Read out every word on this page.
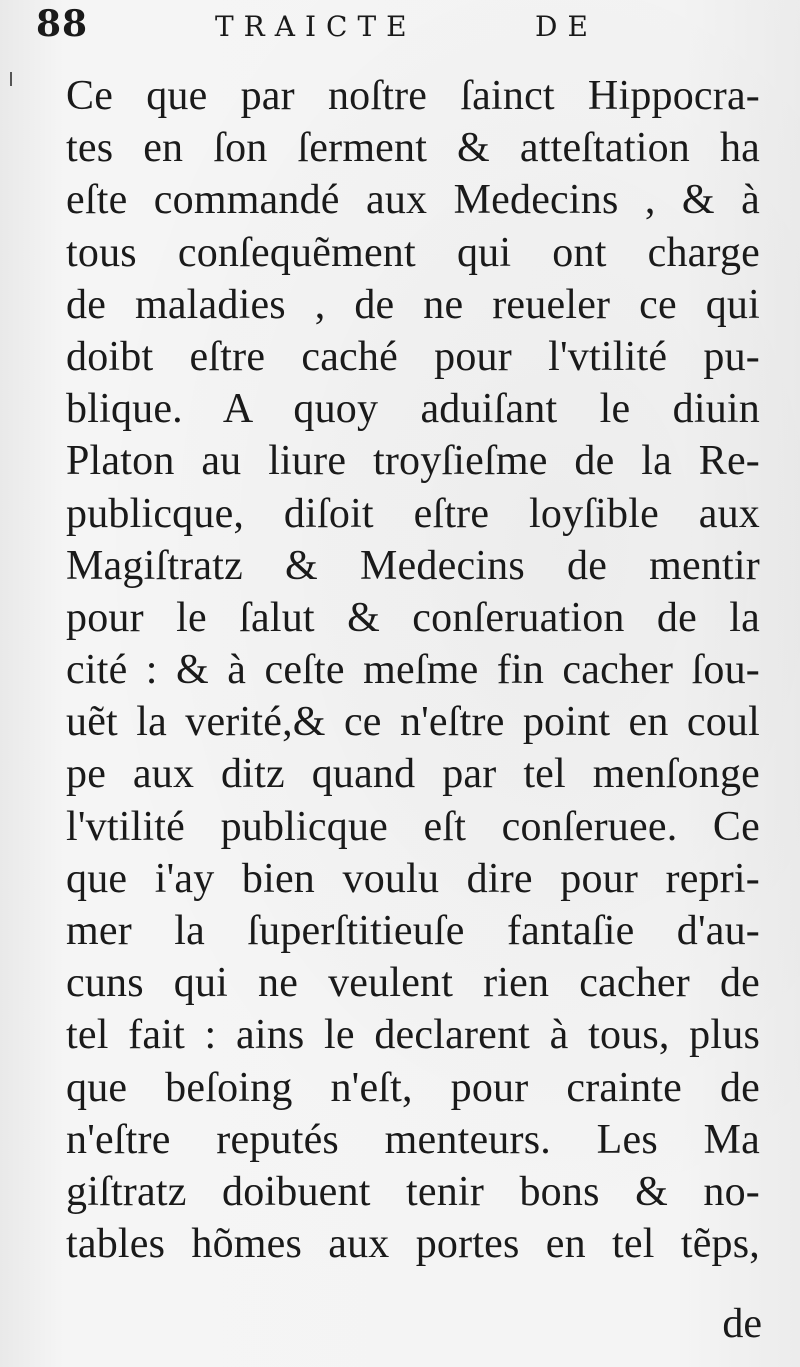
88	TRAICTE	DE
Ce que par noſtre ſainct Hippocra-
tes en ſon ſerment & atteſtation ha
eſte commandé aux Medecins , & à
tous conſequẽment qui ont charge
de maladies , de ne reueler ce qui
doibt eſtre caché pour l'vtilité pu-
blique. A quoy aduiſant le diuin
Platon au liure troyſieſme de la Re-
publicque, diſoit eſtre loyſible aux
Magiſtratz & Medecins de mentir
pour le ſalut & conſeruation de la
cité : & à ceſte meſme fin cacher ſou-
uẽt la verité,& ce n'eſtre point en coul
pe aux ditz quand par tel menſonge
l'vtilité publicque eſt conſeruee. Ce
que i'ay bien voulu dire pour repri-
mer la ſuperſtitieuſe fantaſie d'au-
cuns qui ne veulent rien cacher de
tel fait : ains le declarent à tous, plus
que beſoing n'eſt, pour crainte de
n'eſtre reputés menteurs. Les Ma
giſtratz doibuent tenir bons & no-
tables hõmes aux portes en tel tẽps,
de
